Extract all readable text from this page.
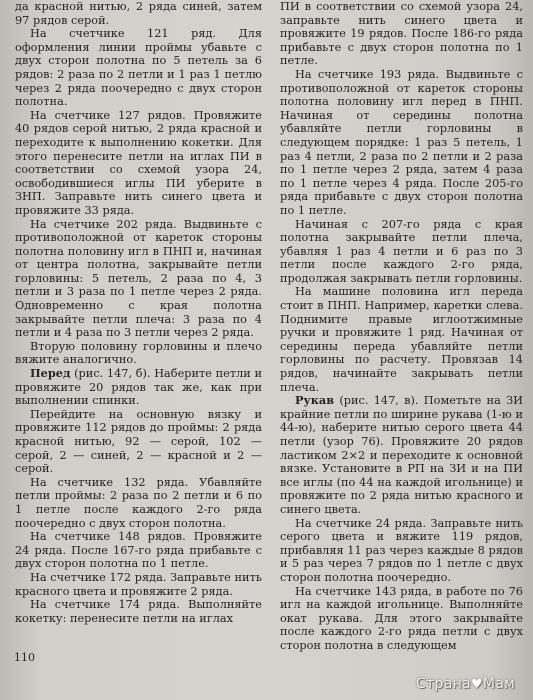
да красной нитью, 2 ряда синей, затем 97 рядов серой.

На счетчике 121 ряд. Для оформления линии проймы убавьте с двух сторон полотна по 5 петель за 6 рядов: 2 раза по 2 петли и 1 раз 1 петлю через 2 ряда поочередно с двух сторон полотна.

На счетчике 127 рядов. Провяжите 40 рядов серой нитью, 2 ряда красной и переходите к выполнению кокетки. Для этого перенесите петли на иглах ПИ в соответствии со схемой узора 24, освободившиеся иглы ПИ уберите в ЗНП. Заправьте нить синего цвета и провяжите 33 ряда.

На счетчике 202 ряда. Выдвиньте с противоположной от кареток стороны полотна половину игл в ПНП и, начиная от центра полотна, закрывайте петли горловины: 5 петель, 2 раза по 4, 3 петли и 3 раза по 1 петле через 2 ряда. Одновременно с края полотна закрывайте петли плеча: 3 раза по 4 петли и 4 раза по 3 петли через 2 ряда.

Вторую половину горловины и плечо вяжите аналогично.

Перед (рис. 147, б). Наберите петли и провяжите 20 рядов так же, как при выполнении спинки.

Перейдите на основную вязку и провяжите 112 рядов до проймы: 2 ряда красной нитью, 92 — серой, 102 — серой, 2 — синей, 2 — красной и 2 — серой.

На счетчике 132 ряда. Убавляйте петли проймы: 2 раза по 2 петли и 6 по 1 петле после каждого 2-го ряда поочередно с двух сторон полотна.

На счетчике 148 рядов. Провяжите 24 ряда. После 167-го ряда прибавьте с двух сторон полотна по 1 петле.

На счетчике 172 ряда. Заправьте нить красного цвета и провяжите 2 ряда.

На счетчике 174 ряда. Выполняйте кокетку: перенесите петли на иглах

ПИ в соответствии со схемой узора 24, заправьте нить синего цвета и провяжите 19 рядов. После 186-го ряда прибавьте с двух сторон полотна по 1 петле.

На счетчике 193 ряда. Выдвиньте с противоположной от кареток стороны полотна половину игл перед в ПНП. Начиная от середины полотна убавляйте петли горловины в следующем порядке: 1 раз 5 петель, 1 раз 4 петли, 2 раза по 2 петли и 2 раза по 1 петле через 2 ряда, затем 4 раза по 1 петле через 4 ряда. После 205-го ряда прибавьте с двух сторон полотна по 1 петле.

Начиная с 207-го ряда с края полотна закрывайте петли плеча, убавляя 1 раз 4 петли и 6 раз по 3 петли после каждого 2-го ряда, продолжая закрывать петли горловины.

На машине половина игл переда стоит в ПНП. Например, каретки слева. Поднимите правые иглоотжимные ручки и провяжите 1 ряд. Начиная от середины переда убавляйте петли горловины по расчету. Провязав 14 рядов, начинайте закрывать петли плеча.

Рукав (рис. 147, в). Пометьте на ЗИ крайние петли по ширине рукава (1-ю и 44-ю), наберите нитью серого цвета 44 петли (узор 76). Провяжите 20 рядов ластиком 2×2 и переходите к основной вязке. Установите в РП на ЗИ и на ПИ все иглы (по 44 на каждой игольнице) и провяжите по 2 ряда нитью красного и синего цвета.

На счетчике 24 ряда. Заправьте нить серого цвета и вяжите 119 рядов, прибавляя 11 раз через каждые 8 рядов и 5 раз через 7 рядов по 1 петле с двух сторон полотна поочередно.

На счетчике 143 ряда, в работе по 76 игл на каждой игольнице. Выполняйте окат рукава. Для этого закрывайте после каждого 2-го ряда петли с двух сторон полотна в следующем

110
Страна♥Мам
